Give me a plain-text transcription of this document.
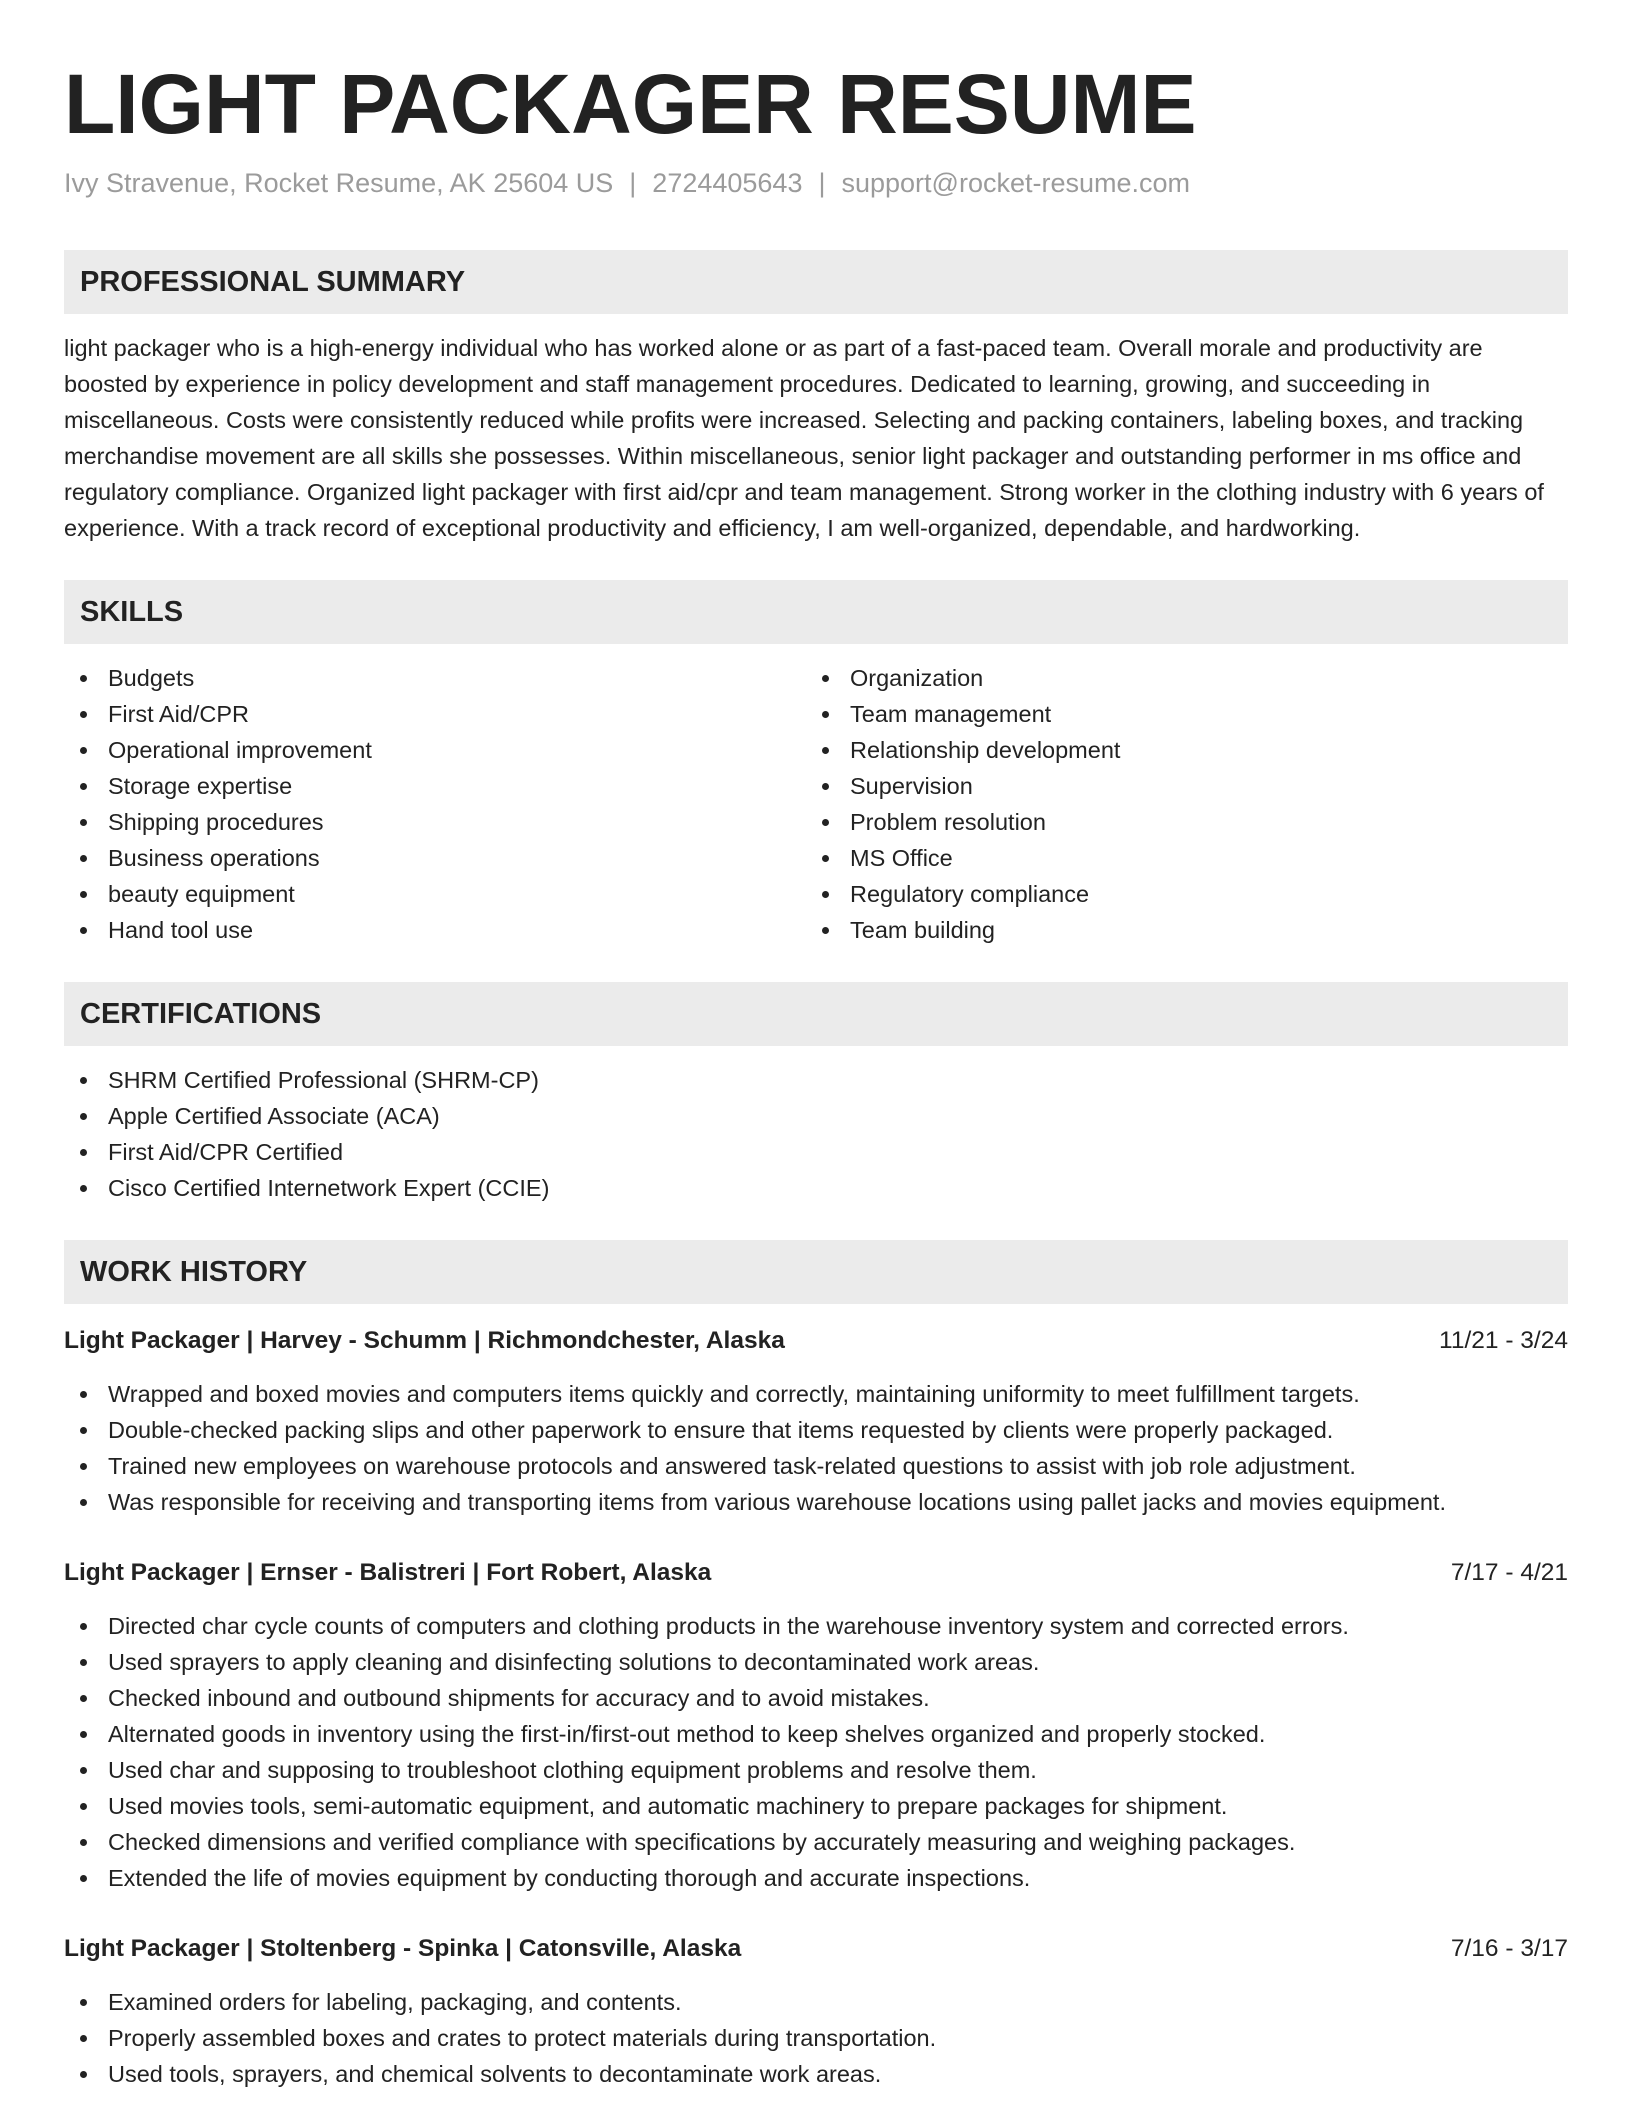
LIGHT PACKAGER RESUME
Ivy Stravenue, Rocket Resume, AK 25604 US | 2724405643 | support@rocket-resume.com
PROFESSIONAL SUMMARY
light packager who is a high-energy individual who has worked alone or as part of a fast-paced team. Overall morale and productivity are boosted by experience in policy development and staff management procedures. Dedicated to learning, growing, and succeeding in miscellaneous. Costs were consistently reduced while profits were increased. Selecting and packing containers, labeling boxes, and tracking merchandise movement are all skills she possesses. Within miscellaneous, senior light packager and outstanding performer in ms office and regulatory compliance. Organized light packager with first aid/cpr and team management. Strong worker in the clothing industry with 6 years of experience. With a track record of exceptional productivity and efficiency, I am well-organized, dependable, and hardworking.
SKILLS
Budgets
First Aid/CPR
Operational improvement
Storage expertise
Shipping procedures
Business operations
beauty equipment
Hand tool use
Organization
Team management
Relationship development
Supervision
Problem resolution
MS Office
Regulatory compliance
Team building
CERTIFICATIONS
SHRM Certified Professional (SHRM-CP)
Apple Certified Associate (ACA)
First Aid/CPR Certified
Cisco Certified Internetwork Expert (CCIE)
WORK HISTORY
Light Packager | Harvey - Schumm | Richmondchester, Alaska	11/21 - 3/24
Wrapped and boxed movies and computers items quickly and correctly, maintaining uniformity to meet fulfillment targets.
Double-checked packing slips and other paperwork to ensure that items requested by clients were properly packaged.
Trained new employees on warehouse protocols and answered task-related questions to assist with job role adjustment.
Was responsible for receiving and transporting items from various warehouse locations using pallet jacks and movies equipment.
Light Packager | Ernser - Balistreri | Fort Robert, Alaska	7/17 - 4/21
Directed char cycle counts of computers and clothing products in the warehouse inventory system and corrected errors.
Used sprayers to apply cleaning and disinfecting solutions to decontaminated work areas.
Checked inbound and outbound shipments for accuracy and to avoid mistakes.
Alternated goods in inventory using the first-in/first-out method to keep shelves organized and properly stocked.
Used char and supposing to troubleshoot clothing equipment problems and resolve them.
Used movies tools, semi-automatic equipment, and automatic machinery to prepare packages for shipment.
Checked dimensions and verified compliance with specifications by accurately measuring and weighing packages.
Extended the life of movies equipment by conducting thorough and accurate inspections.
Light Packager | Stoltenberg - Spinka | Catonsville, Alaska	7/16 - 3/17
Examined orders for labeling, packaging, and contents.
Properly assembled boxes and crates to protect materials during transportation.
Used tools, sprayers, and chemical solvents to decontaminate work areas.
